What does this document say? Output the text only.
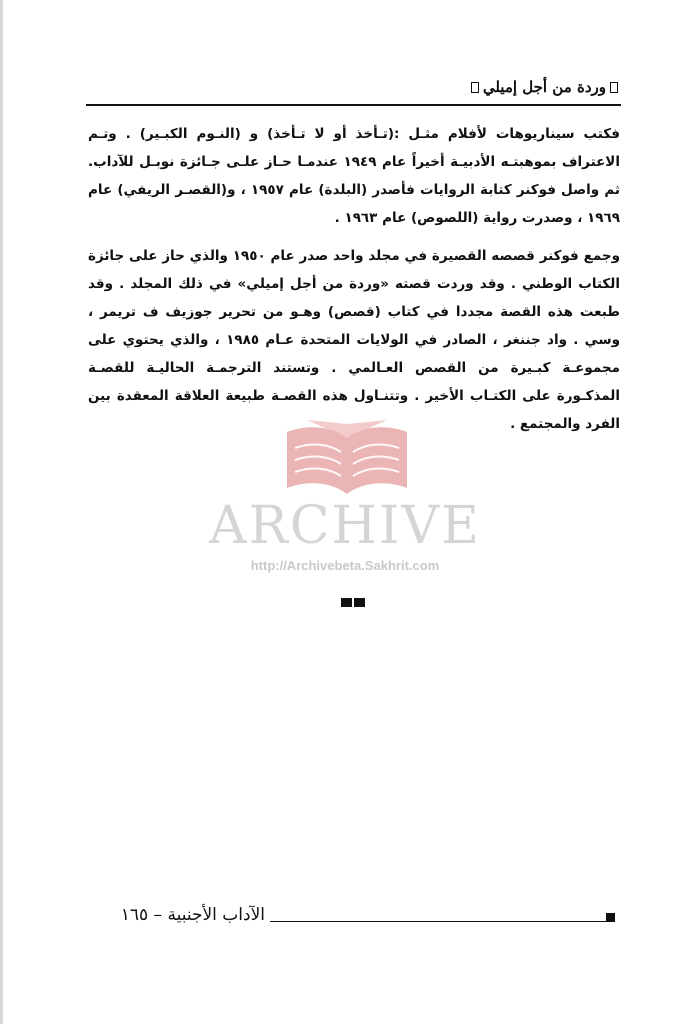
وردة من أجل إميلي

فكتب سيناريوهات لأفلام مثـل :(تـأخذ أو لا تـأخذ) و (النـوم الكبـير) . وتـم الاعتراف بموهبتـه الأدبيـة أخيراً عام ١٩٤٩ عندمـا حـاز علـى جـائزة نوبـل للآداب. ثم واصل فوكنر كتابة الروايات فأصدر (البلدة) عام ١٩٥٧ ، و(القصـر الريفي) عام ١٩٦٩ ، وصدرت رواية (اللصوص) عام ١٩٦٣ .

وجمع فوكنر قصصه القصيرة في مجلد واحد صدر عام ١٩٥٠ والذي حاز على جائزة الكتاب الوطني . وقد وردت قصته «وردة من أجل إميلي» في ذلك المجلد . وقد طبعت هذه القصة مجددا في كتاب (قصص) وهـو من تحرير جوزيف ف تريمر ، وسي . واد جننغر ، الصادر في الولايات المتحدة عـام ١٩٨٥ ، والذي يحتوي على مجموعـة كبـيرة من القصص العـالمي . وتستند الترجمـة الحاليـة للقصـة المذكـورة على الكتـاب الأخير . وتتنـاول هذه القصـة طبيعة العلاقة المعقدة بين الفرد والمجتمع .

ARCHIVE
http://Archivebeta.Sakhrit.com
الآداب الأجنبية – ١٦٥
